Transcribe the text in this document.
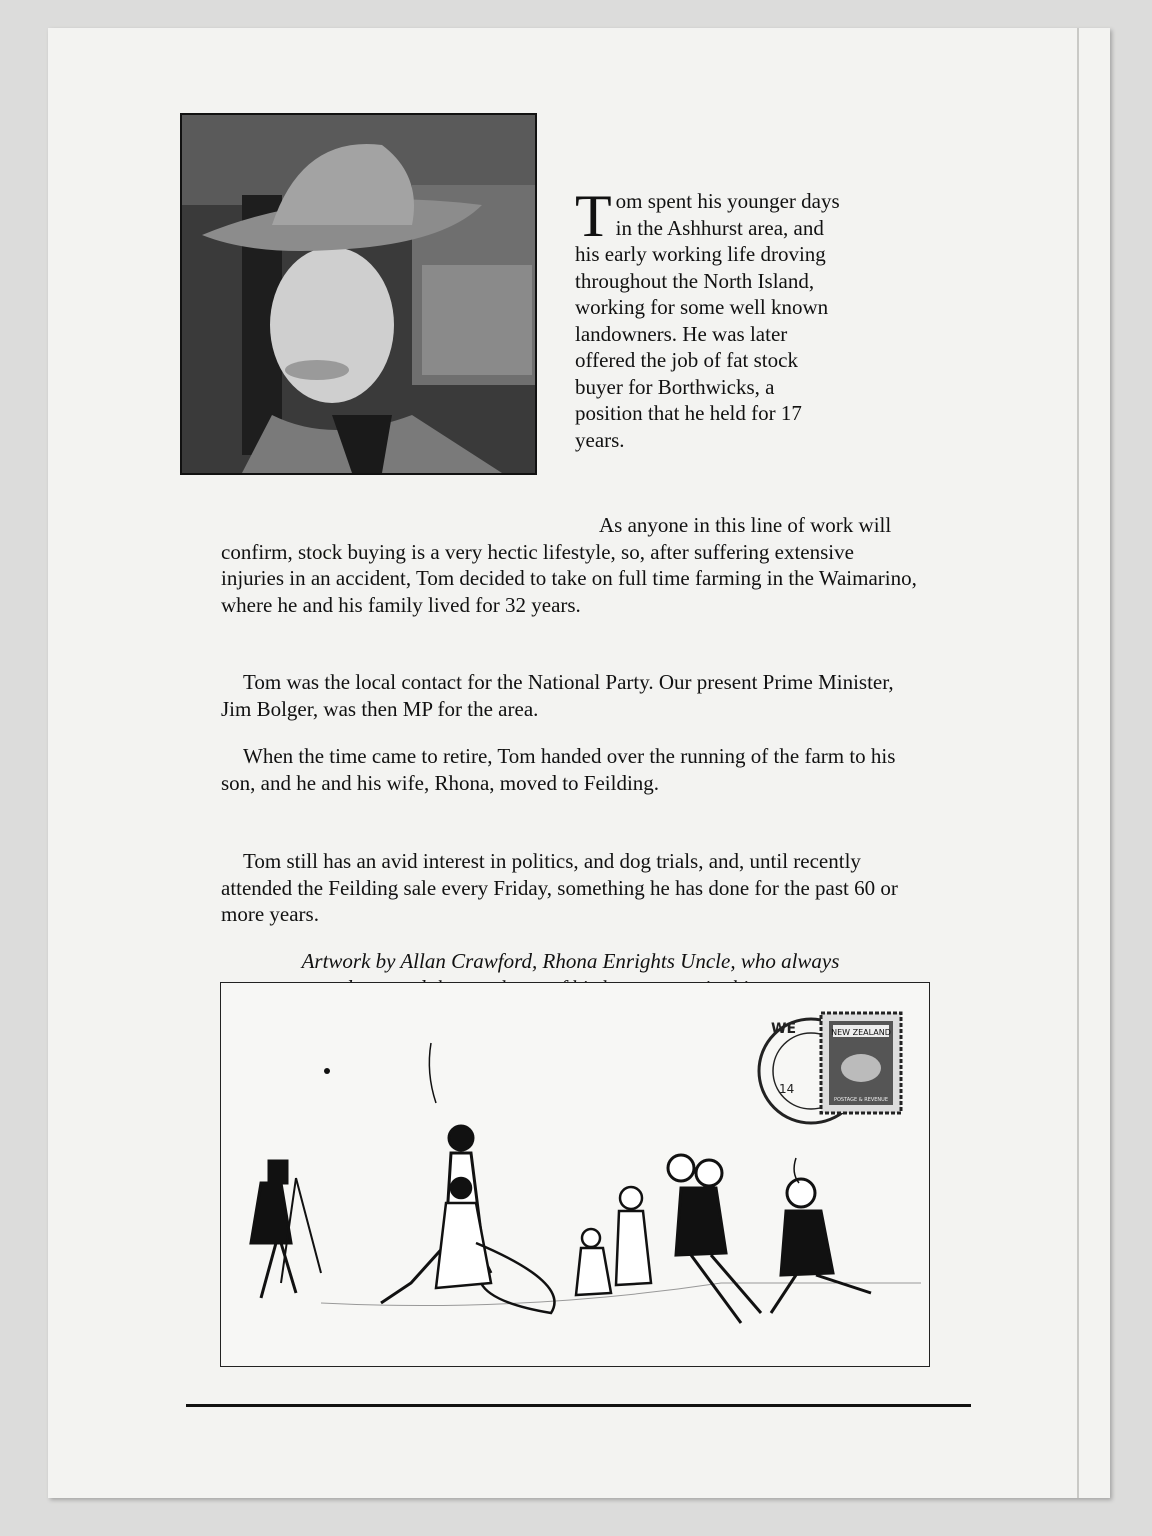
T om spent his younger days
in the Ashhurst area, and
his early working life droving
throughout the North Island,
working for some well known
landowners. He was later
offered the job of fat stock
buyer for Borthwicks, a
position that he held for 17
years.

As anyone in this line of work will confirm, stock buying is a very hectic lifestyle, so, after suffering extensive injuries in an accident, Tom decided to take on full time farming in the Waimarino, where he and his family lived for 32 years.

Tom was the local contact for the National Party. Our present Prime Minister, Jim Bolger, was then MP for the area.

When the time came to retire, Tom handed over the running of the farm to his son, and he and his wife, Rhona, moved to Feilding.

Tom still has an avid interest in politics, and dog trials, and, until recently attended the Feilding sale every Friday, something he has done for the past 60 or more years.

Artwork by Allan Crawford, Rhona Enrights Uncle, who always
WE
14
NEW ZEALAND
POSTAGE & REVENUE
